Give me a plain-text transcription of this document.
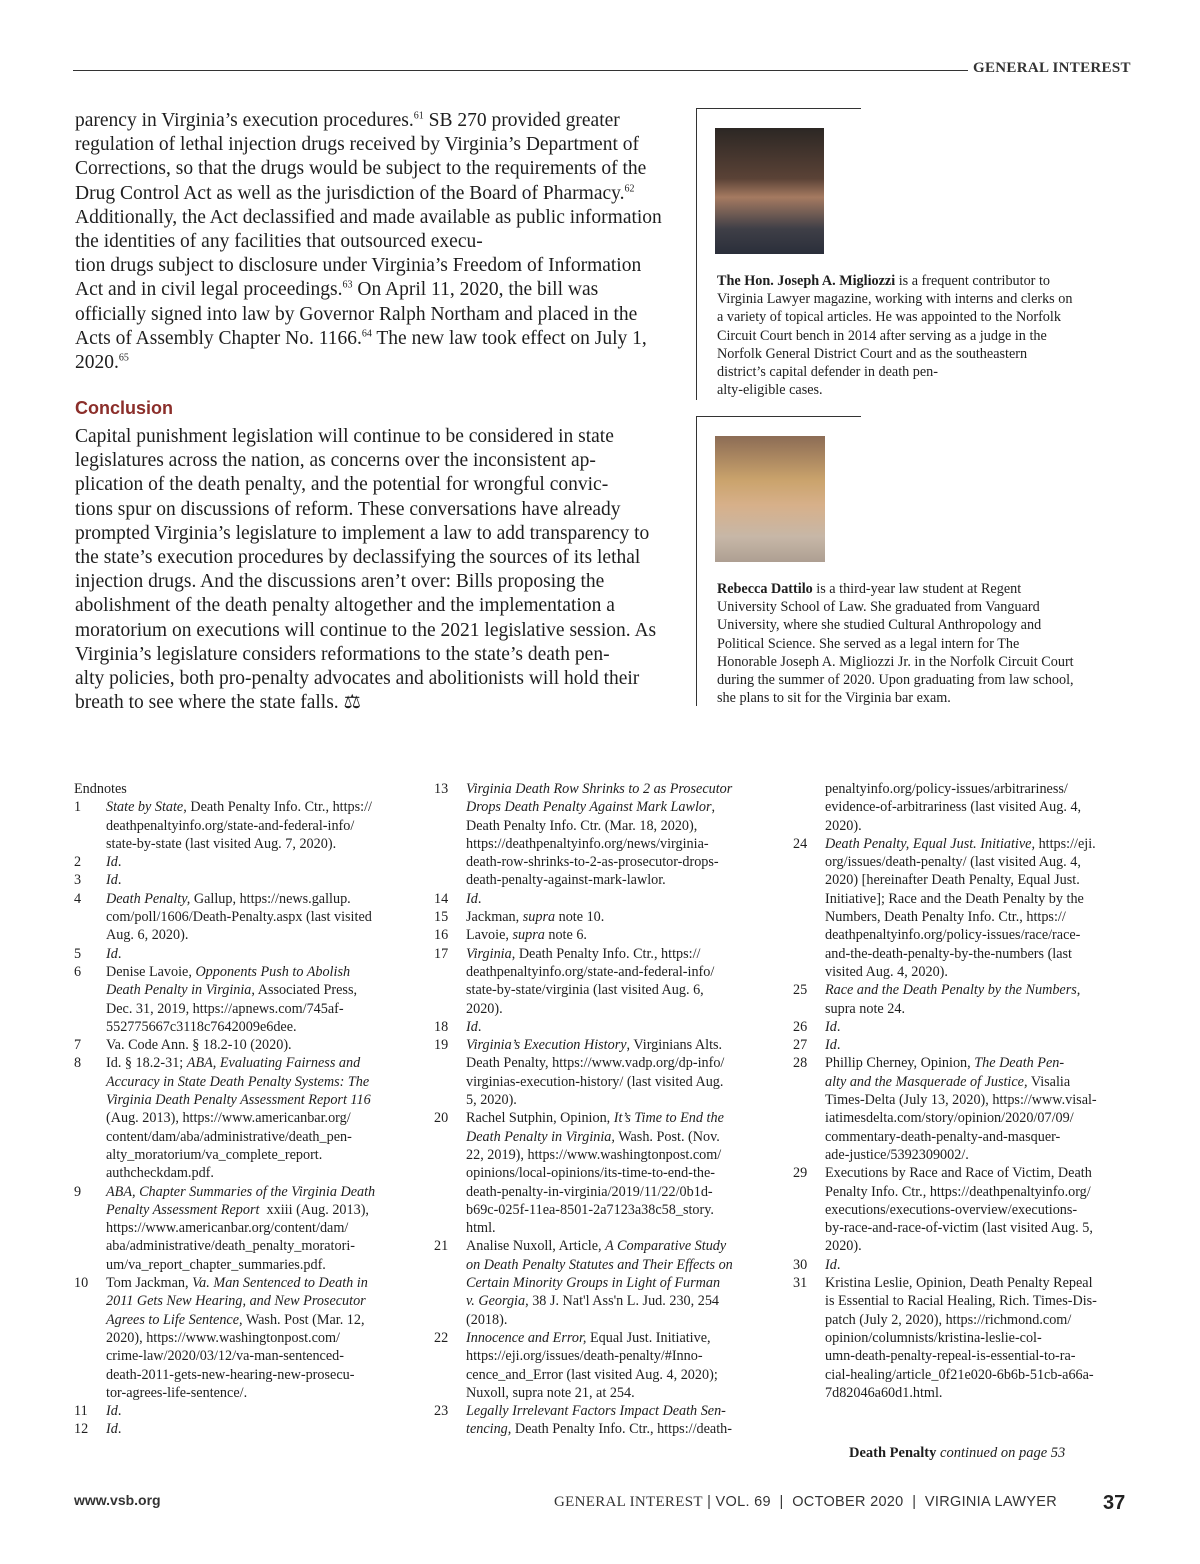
GENERAL INTEREST

parency in Virginia’s execution procedures.$^{61}$ SB 270 provided greater regulation of lethal injection drugs received by Virginia’s Department of Corrections, so that the drugs would be subject to the requirements of the Drug Control Act as well as the jurisdiction of the Board of Pharmacy.$^{62}$ Additionally, the Act declassified and made available as public information the identities of any facilities that outsourced execu-
tion drugs subject to disclosure under Virginia’s Freedom of Information Act and in civil legal proceedings.$^{63}$ On April 11, 2020, the bill was officially signed into law by Governor Ralph Northam and placed in the Acts of Assembly Chapter No. 1166.64 The new law took effect on July 1, 2020.65

Conclusion

Capital punishment legislation will continue to be considered in state legislatures across the nation, as concerns over the inconsistent ap-
plication of the death penalty, and the potential for wrongful convic-
tions spur on discussions of reform. These conversations have already prompted Virginia’s legislature to implement a law to add transparency to the state’s execution procedures by declassifying the sources of its lethal injection drugs. And the discussions aren’t over: Bills proposing the abolishment of the death penalty altogether and the implementation a moratorium on executions will continue to the 2021 legislative session. As Virginia’s legislature considers reformations to the state’s death pen-
alty policies, both pro-penalty advocates and abolitionists will hold their breath to see where the state falls. ⚖

The Hon. Joseph A. Migliozzi is a frequent contributor to Virginia Lawyer magazine, working with interns and clerks on a variety of topical articles. He was appointed to the Norfolk Circuit Court bench in 2014 after serving as a judge in the Norfolk General District Court and as the southeastern district’s capital defender in death pen-
alty-eligible cases.

Rebecca Dattilo is a third-year law student at Regent University School of Law. She graduated from Vanguard University, where she studied Cultural Anthropology and Political Science. She served as a legal intern for The Honorable Joseph A. Migliozzi Jr. in the Norfolk Circuit Court during the summer of 2020. Upon graduating from law school, she plans to sit for the Virginia bar exam.

Endnotes

1 State by State, Death Penalty Info. Ctr., https://
deathpenaltyinfo.org/state-and-federal-info/
state-by-state (last visited Aug. 7, 2020).

2 Id.

3 Id.

4 Death Penalty, Gallup, https://news.gallup.
com/poll/1606/Death-Penalty.aspx (last visited
Aug. 6, 2020).

5 Id.

6 Denise Lavoie, Opponents Push to Abolish
Death Penalty in Virginia, Associated Press,
Dec. 31, 2019, https://apnews.com/745af-
552775667c3118c7642009e6dee.

7 Va. Code Ann. § 18.2-10 (2020).

8 Id. § 18.2-31; ABA, Evaluating Fairness and
Accuracy in State Death Penalty Systems: The
Virginia Death Penalty Assessment Report 116
(Aug. 2013), https://www.americanbar.org/
content/dam/aba/administrative/death_pen-
alty_moratorium/va_complete_report.
authcheckdam.pdf.

9 ABA, Chapter Summaries of the Virginia Death
Penalty Assessment Report  xxiii (Aug. 2013),
https://www.americanbar.org/content/dam/
aba/administrative/death_penalty_moratori-
um/va_report_chapter_summaries.pdf.

10 Tom Jackman, Va. Man Sentenced to Death in
2011 Gets New Hearing, and New Prosecutor
Agrees to Life Sentence, Wash. Post (Mar. 12,
2020), https://www.washingtonpost.com/
crime-law/2020/03/12/va-man-sentenced-
death-2011-gets-new-hearing-new-prosecu-
tor-agrees-life-sentence/.

11 Id.

12 Id.

13 Virginia Death Row Shrinks to 2 as Prosecutor
Drops Death Penalty Against Mark Lawlor,
Death Penalty Info. Ctr. (Mar. 18, 2020),
https://deathpenaltyinfo.org/news/virginia-
death-row-shrinks-to-2-as-prosecutor-drops-
death-penalty-against-mark-lawlor.

14 Id.

15 Jackman, supra note 10.

16 Lavoie, supra note 6.

17 Virginia, Death Penalty Info. Ctr., https://
deathpenaltyinfo.org/state-and-federal-info/
state-by-state/virginia (last visited Aug. 6,
2020).

18 Id.

19 Virginia’s Execution History, Virginians Alts.
Death Penalty, https://www.vadp.org/dp-info/
virginias-execution-history/ (last visited Aug.
5, 2020).

20 Rachel Sutphin, Opinion, It’s Time to End the
Death Penalty in Virginia, Wash. Post. (Nov.
22, 2019), https://www.washingtonpost.com/
opinions/local-opinions/its-time-to-end-the-
death-penalty-in-virginia/2019/11/22/0b1d-
b69c-025f-11ea-8501-2a7123a38c58_story.
html.

21 Analise Nuxoll, Article, A Comparative Study
on Death Penalty Statutes and Their Effects on
Certain Minority Groups in Light of Furman
v. Georgia, 38 J. Nat'l Ass'n L. Jud. 230, 254
(2018).

22 Innocence and Error, Equal Just. Initiative,
https://eji.org/issues/death-penalty/#Inno-
cence_and_Error (last visited Aug. 4, 2020);
Nuxoll, supra note 21, at 254.

23 Legally Irrelevant Factors Impact Death Sen-
tencing, Death Penalty Info. Ctr., https://death-

penaltyinfo.org/policy-issues/arbitrariness/
evidence-of-arbitrariness (last visited Aug. 4,
2020).

24 Death Penalty, Equal Just. Initiative, https://eji.
org/issues/death-penalty/ (last visited Aug. 4,
2020) [hereinafter Death Penalty, Equal Just.
Initiative]; Race and the Death Penalty by the
Numbers, Death Penalty Info. Ctr., https://
deathpenaltyinfo.org/policy-issues/race/race-
and-the-death-penalty-by-the-numbers (last
visited Aug. 4, 2020).

25 Race and the Death Penalty by the Numbers,
supra note 24.

26 Id.

27 Id.

28 Phillip Cherney, Opinion, The Death Pen-
alty and the Masquerade of Justice, Visalia
Times-Delta (July 13, 2020), https://www.visal-
iatimesdelta.com/story/opinion/2020/07/09/
commentary-death-penalty-and-masquer-
ade-justice/5392309002/.

29 Executions by Race and Race of Victim, Death
Penalty Info. Ctr., https://deathpenaltyinfo.org/
executions/executions-overview/executions-
by-race-and-race-of-victim (last visited Aug. 5,
2020).

30 Id.

31 Kristina Leslie, Opinion, Death Penalty Repeal
is Essential to Racial Healing, Rich. Times-Dis-
patch (July 2, 2020), https://richmond.com/
opinion/columnists/kristina-leslie-col-
umn-death-penalty-repeal-is-essential-to-ra-
cial-healing/article_0f21e020-6b6b-51cb-a66a-
7d82046a60d1.html.

Death Penalty continued on page 53

www.vsb.org	GENERAL INTEREST | VOL. 69  |  OCTOBER 2020  |  VIRGINIA LAWYER 37
